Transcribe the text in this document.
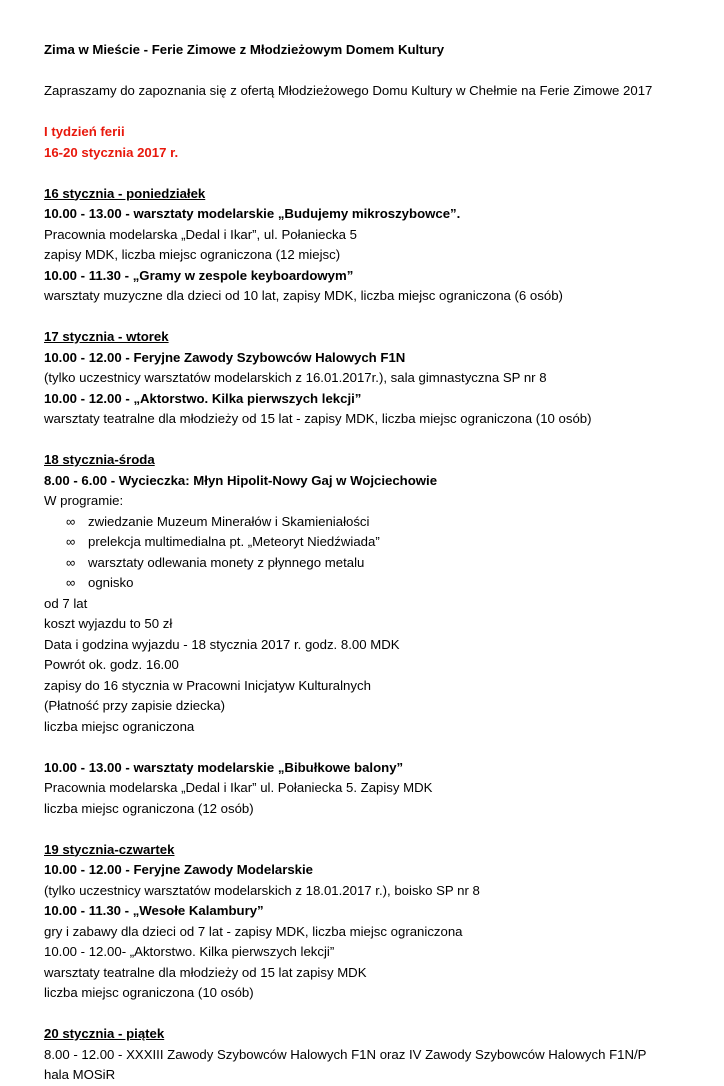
Zima w Mieście - Ferie Zimowe z Młodzieżowym Domem Kultury
Zapraszamy do zapoznania się z ofertą Młodzieżowego Domu Kultury w Chełmie na Ferie Zimowe 2017
I tydzień ferii
16-20 stycznia 2017 r.
16 stycznia - poniedziałek
10.00 - 13.00 - warsztaty modelarskie „Budujemy mikroszybowce”.
Pracownia modelarska „Dedal i Ikar”, ul. Połaniecka 5
zapisy MDK, liczba miejsc ograniczona (12 miejsc)
10.00 - 11.30 - „Gramy w zespole keyboardowym”
warsztaty muzyczne dla dzieci od 10 lat, zapisy MDK, liczba miejsc ograniczona (6 osób)
17 stycznia - wtorek
10.00 - 12.00 - Feryjne Zawody Szybowców Halowych F1N
(tylko uczestnicy warsztatów modelarskich z 16.01.2017r.), sala gimnastyczna SP nr 8
10.00 - 12.00 - „Aktorstwo. Kilka pierwszych lekcji”
warsztaty teatralne dla młodzieży od 15 lat - zapisy MDK, liczba miejsc ograniczona (10 osób)
18 stycznia-środa
8.00 - 6.00 - Wycieczka: Młyn Hipolit-Nowy Gaj w Wojciechowie
W programie:
∞ zwiedzanie Muzeum Minerałów i Skamieniałości
∞ prelekcja multimedialna pt. „Meteoryt Niedźwiada”
∞ warsztaty odlewania monety z płynnego metalu
∞ ognisko
od 7 lat
koszt wyjazdu to 50 zł
Data i godzina wyjazdu - 18 stycznia 2017 r. godz. 8.00 MDK
Powrót ok. godz. 16.00
zapisy do 16 stycznia w Pracowni Inicjatyw Kulturalnych
(Płatność przy zapisie dziecka)
liczba miejsc ograniczona
10.00 - 13.00 - warsztaty modelarskie „Bibułkowe balony”
Pracownia modelarska „Dedal i Ikar” ul. Połaniecka 5. Zapisy MDK
liczba miejsc ograniczona (12 osób)
19 stycznia-czwartek
10.00 - 12.00 - Feryjne Zawody Modelarskie
(tylko uczestnicy warsztatów modelarskich z 18.01.2017 r.), boisko SP nr 8
10.00 - 11.30 - „Wesołe Kalambury”
gry i zabawy dla dzieci od 7 lat - zapisy MDK, liczba miejsc ograniczona
10.00 - 12.00- „Aktorstwo. Kilka pierwszych lekcji”
warsztaty teatralne dla młodzieży od 15 lat zapisy MDK
liczba miejsc ograniczona (10 osób)
20 stycznia - piątek
8.00 - 12.00 - XXXIII Zawody Szybowców Halowych F1N oraz IV Zawody Szybowców Halowych F1N/P
hala MOSiR
